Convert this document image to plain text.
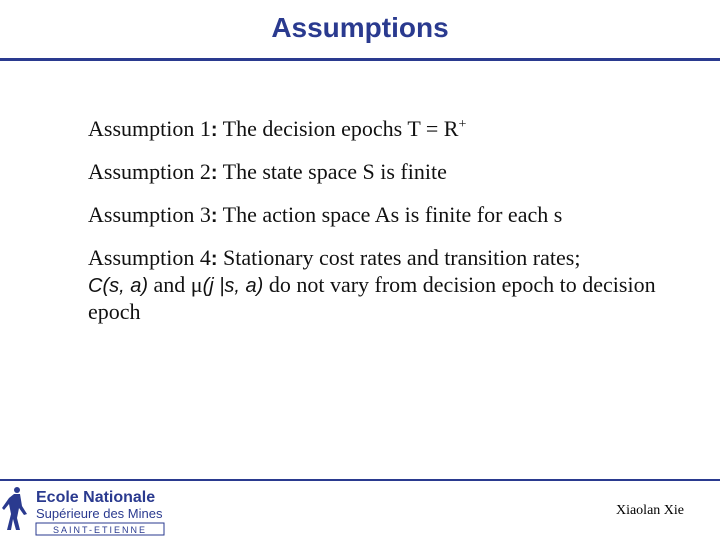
Assumptions
Assumption 1: The decision epochs T = R+
Assumption 2: The state space S is finite
Assumption 3: The action space As is finite for each s
Assumption 4: Stationary cost rates and transition rates;
C(s, a) and μ(j |s, a) do not vary from decision epoch to decision epoch
Ecole Nationale
Supérieure des Mines
SAINT-ETIENNE
Xiaolan Xie
